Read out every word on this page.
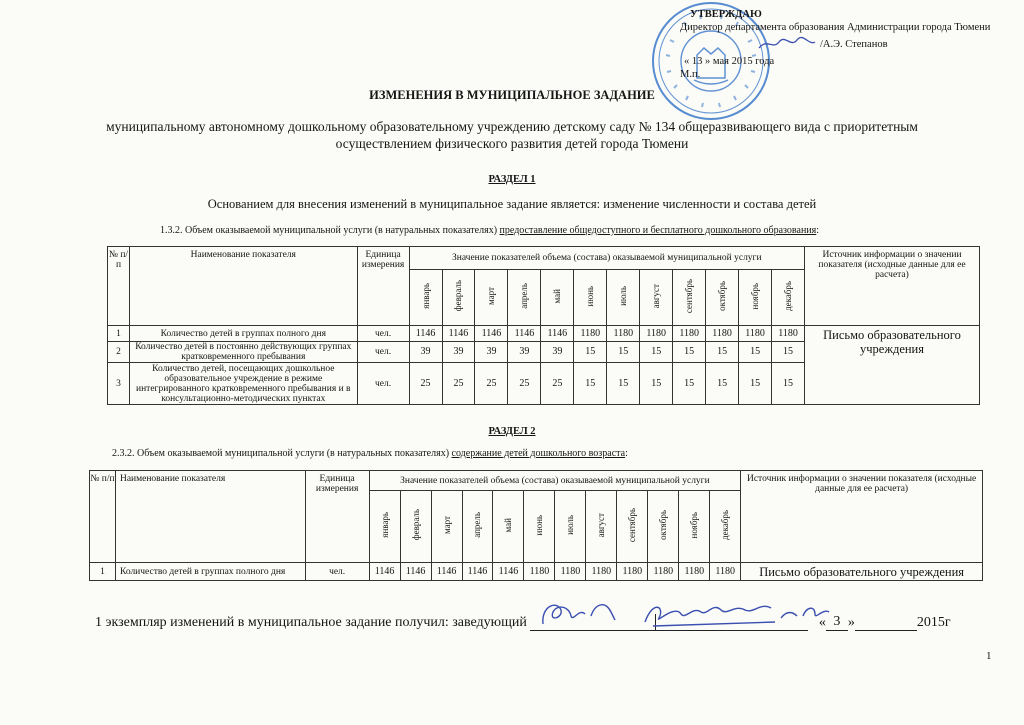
УТВЕРЖДАЮ
Директор департамента образования Администрации города Тюмени
/А.Э. Степанов
« 13 » мая 2015 года
М.п.
ИЗМЕНЕНИЯ В МУНИЦИПАЛЬНОЕ ЗАДАНИЕ
муниципальному автономному дошкольному образовательному учреждению детскому саду № 134 общеразвивающего вида с приоритетным осуществлением физического развития детей города Тюмени
РАЗДЕЛ 1
Основанием для внесения изменений в муниципальное задание является: изменение численности и состава детей
1.3.2. Объем оказываемой муниципальной услуги (в натуральных показателях) предоставление общедоступного и бесплатного дошкольного образования:
№ п/п	Наименование показателя	Единица измерения	Значение показателей объема (состава) оказываемой муниципальной услуги												Источник информации о значении показателя (исходные данные для ее расчета)
			январь	февраль	март	апрель	май	июнь	июль	август	сентябрь	октябрь	ноябрь	декабрь	
1	Количество детей в группах полного дня	чел.	1146	1146	1146	1146	1146	1180	1180	1180	1180	1180	1180	1180	Письмо образовательного учреждения
2	Количество детей в постоянно действующих группах кратковременного пребывания	чел.	39	39	39	39	39	15	15	15	15	15	15	15	
3	Количество детей, посещающих дошкольное образовательное учреждение в режиме интегрированного кратковременного пребывания и в консультационно-методических пунктах	чел.	25	25	25	25	25	15	15	15	15	15	15	15	
РАЗДЕЛ 2
2.3.2. Объем оказываемой муниципальной услуги (в натуральных показателях) содержание детей дошкольного возраста:
№ п/п	Наименование показателя	Единица измерения	Значение показателей объема (состава) оказываемой муниципальной услуги												Источник информации о значении показателя (исходные данные для ее расчета)
			январь	февраль	март	апрель	май	июнь	июль	август	сентябрь	октябрь	ноябрь	декабрь	
1	Количество детей в группах полного дня	чел.	1146	1146	1146	1146	1146	1180	1180	1180	1180	1180	1180	1180	Письмо образовательного учреждения
1 экземпляр изменений в муниципальное задание получил: заведующий	« 3 »	2015г
1
